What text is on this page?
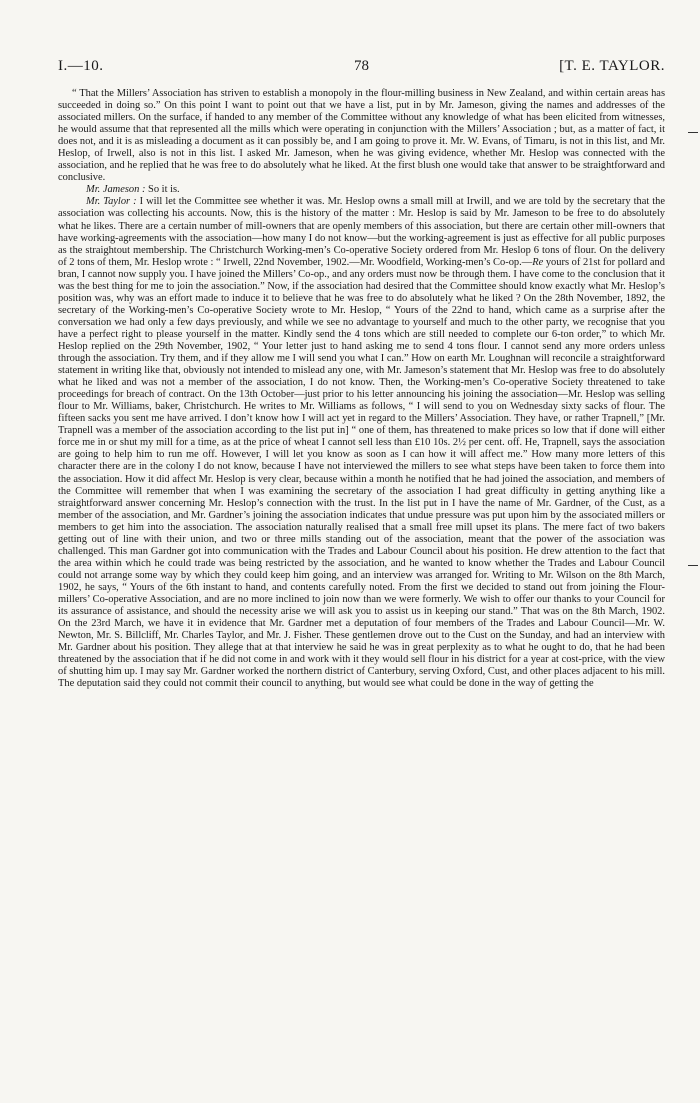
I.—10.	78	[T. E. TAYLOR.

“ That the Millers’ Association has striven to establish a monopoly in the flour-milling business in New Zealand, and within certain areas has succeeded in doing so.” On this point I want to point out that we have a list, put in by Mr. Jameson, giving the names and addresses of the associated millers. On the surface, if handed to any member of the Committee without any knowledge of what has been elicited from witnesses, he would assume that that represented all the mills which were operating in conjunction with the Millers’ Association ; but, as a matter of fact, it does not, and it is as misleading a document as it can possibly be, and I am going to prove it. Mr. W. Evans, of Timaru, is not in this list, and Mr. Heslop, of Irwell, also is not in this list. I asked Mr. Jameson, when he was giving evidence, whether Mr. Heslop was connected with the association, and he replied that he was free to do absolutely what he liked. At the first blush one would take that answer to be straightforward and conclusive.

Mr. Jameson : So it is.

Mr. Taylor : I will let the Committee see whether it was. Mr. Heslop owns a small mill at Irwill, and we are told by the secretary that the association was collecting his accounts. Now, this is the history of the matter : Mr. Heslop is said by Mr. Jameson to be free to do absolutely what he likes. There are a certain number of mill-owners that are openly members of this association, but there are certain other mill-owners that have working-agreements with the association—how many I do not know—but the working-agreement is just as effective for all public purposes as the straightout membership. The Christchurch Working-men’s Co-operative Society ordered from Mr. Heslop 6 tons of flour. On the delivery of 2 tons of them, Mr. Heslop wrote : “ Irwell, 22nd November, 1902.—Mr. Woodfield, Working-men’s Co-op.—Re yours of 21st for pollard and bran, I cannot now supply you. I have joined the Millers’ Co-op., and any orders must now be through them. I have come to the conclusion that it was the best thing for me to join the association.” Now, if the association had desired that the Committee should know exactly what Mr. Heslop’s position was, why was an effort made to induce it to believe that he was free to do absolutely what he liked ? On the 28th November, 1892, the secretary of the Working-men’s Co-operative Society wrote to Mr. Heslop, “ Yours of the 22nd to hand, which came as a surprise after the conversation we had only a few days previously, and while we see no advantage to yourself and much to the other party, we recognise that you have a perfect right to please yourself in the matter. Kindly send the 4 tons which are still needed to complete our 6-ton order,” to which Mr. Heslop replied on the 29th November, 1902, “ Your letter just to hand asking me to send 4 tons flour. I cannot send any more orders unless through the association. Try them, and if they allow me I will send you what I can.” How on earth Mr. Loughnan will reconcile a straightforward statement in writing like that, obviously not intended to mislead any one, with Mr. Jameson’s statement that Mr. Heslop was free to do absolutely what he liked and was not a member of the association, I do not know. Then, the Working-men’s Co-operative Society threatened to take proceedings for breach of contract. On the 13th October—just prior to his letter announcing his joining the association—Mr. Heslop was selling flour to Mr. Williams, baker, Christchurch. He writes to Mr. Williams as follows, “ I will send to you on Wednesday sixty sacks of flour. The fifteen sacks you sent me have arrived. I don’t know how I will act yet in regard to the Millers’ Association. They have, or rather Trapnell,” [Mr. Trapnell was a member of the association according to the list put in] “ one of them, has threatened to make prices so low that if done will either force me in or shut my mill for a time, as at the price of wheat I cannot sell less than £10 10s. 2½ per cent. off. He, Trapnell, says the association are going to help him to run me off. However, I will let you know as soon as I can how it will affect me.” How many more letters of this character there are in the colony I do not know, because I have not interviewed the millers to see what steps have been taken to force them into the association. How it did affect Mr. Heslop is very clear, because within a month he notified that he had joined the association, and members of the Committee will remember that when I was examining the secretary of the association I had great difficulty in getting anything like a straightforward answer concerning Mr. Heslop’s connection with the trust. In the list put in I have the name of Mr. Gardner, of the Cust, as a member of the association, and Mr. Gardner’s joining the association indicates that undue pressure was put upon him by the associated millers or members to get him into the association. The association naturally realised that a small free mill upset its plans. The mere fact of two bakers getting out of line with their union, and two or three mills standing out of the association, meant that the power of the association was challenged. This man Gardner got into communication with the Trades and Labour Council about his position. He drew attention to the fact that the area within which he could trade was being restricted by the association, and he wanted to know whether the Trades and Labour Council could not arrange some way by which they could keep him going, and an interview was arranged for. Writing to Mr. Wilson on the 8th March, 1902, he says, “ Yours of the 6th instant to hand, and contents carefully noted. From the first we decided to stand out from joining the Flour-millers’ Co-operative Association, and are no more inclined to join now than we were formerly. We wish to offer our thanks to your Council for its assurance of assistance, and should the necessity arise we will ask you to assist us in keeping our stand.” That was on the 8th March, 1902. On the 23rd March, we have it in evidence that Mr. Gardner met a deputation of four members of the Trades and Labour Council—Mr. W. Newton, Mr. S. Billcliff, Mr. Charles Taylor, and Mr. J. Fisher. These gentlemen drove out to the Cust on the Sunday, and had an interview with Mr. Gardner about his position. They allege that at that interview he said he was in great perplexity as to what he ought to do, that he had been threatened by the association that if he did not come in and work with it they would sell flour in his district for a year at cost-price, with the view of shutting him up. I may say Mr. Gardner worked the northern district of Canterbury, serving Oxford, Cust, and other places adjacent to his mill. The deputation said they could not commit their council to anything, but would see what could be done in the way of getting the
